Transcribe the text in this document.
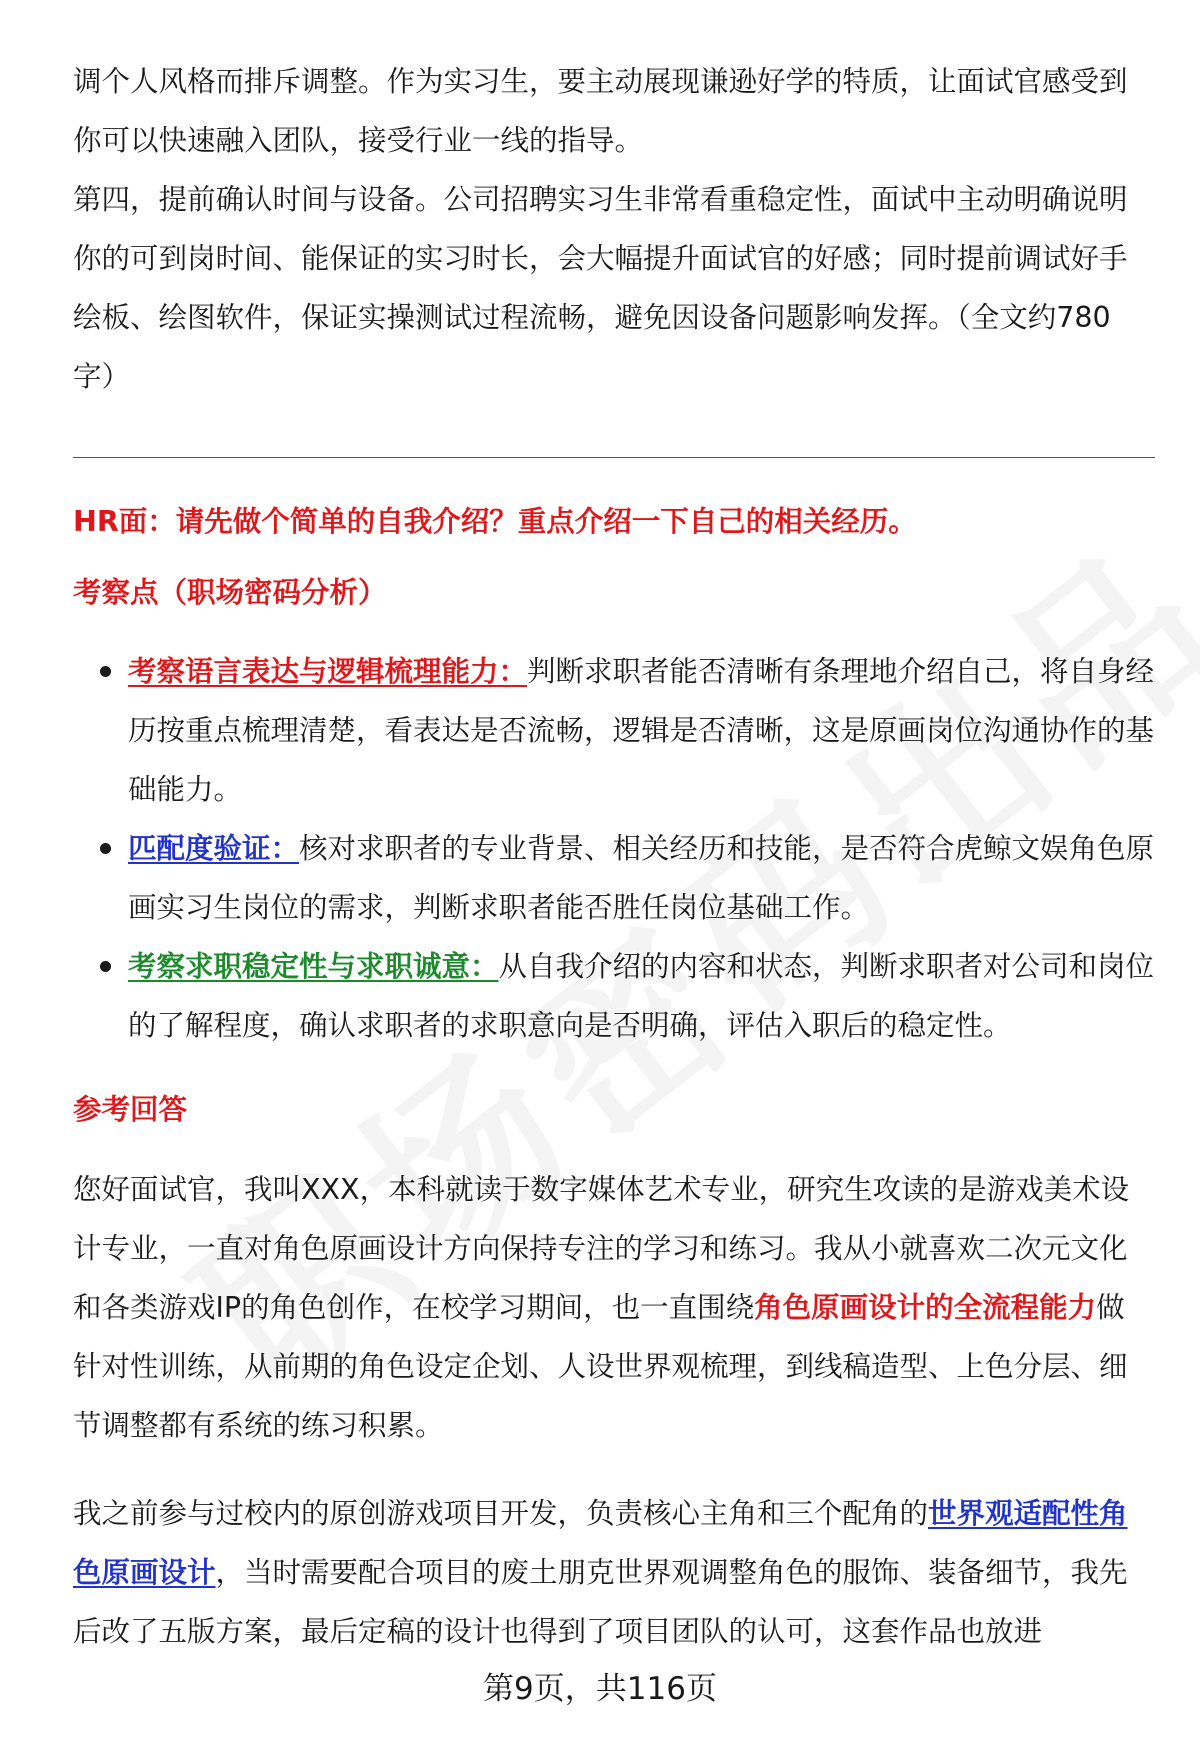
调个人风格而排斥调整。作为实习生，要主动展现谦逊好学的特质，让面试官感受到你可以快速融入团队，接受行业一线的指导。

第四，提前确认时间与设备。公司招聘实习生非常看重稳定性，面试中主动明确说明你的可到岗时间、能保证的实习时长，会大幅提升面试官的好感；同时提前调试好手绘板、绘图软件，保证实操测试过程流畅，避免因设备问题影响发挥。（全文约780字）

HR面：请先做个简单的自我介绍？重点介绍一下自己的相关经历。
考察点（职场密码分析）
考察语言表达与逻辑梳理能力：判断求职者能否清晰有条理地介绍自己，将自身经历按重点梳理清楚，看表达是否流畅，逻辑是否清晰，这是原画岗位沟通协作的基础能力。
匹配度验证：核对求职者的专业背景、相关经历和技能，是否符合虎鲸文娱角色原画实习生岗位的需求，判断求职者能否胜任岗位基础工作。
考察求职稳定性与求职诚意：从自我介绍的内容和状态，判断求职者对公司和岗位的了解程度，确认求职者的求职意向是否明确，评估入职后的稳定性。
参考回答

您好面试官，我叫XXX，本科就读于数字媒体艺术专业，研究生攻读的是游戏美术设计专业，一直对角色原画设计方向保持专注的学习和练习。我从小就喜欢二次元文化和各类游戏IP的角色创作，在校学习期间，也一直围绕角色原画设计的全流程能力做针对性训练，从前期的角色设定企划、人设世界观梳理，到线稿造型、上色分层、细节调整都有系统的练习积累。

我之前参与过校内的原创游戏项目开发，负责核心主角和三个配角的世界观适配性角色原画设计，当时需要配合项目的废土朋克世界观调整角色的服饰、装备细节，我先后改了五版方案，最后定稿的设计也得到了项目团队的认可，这套作品也放进

第9页，共116页
